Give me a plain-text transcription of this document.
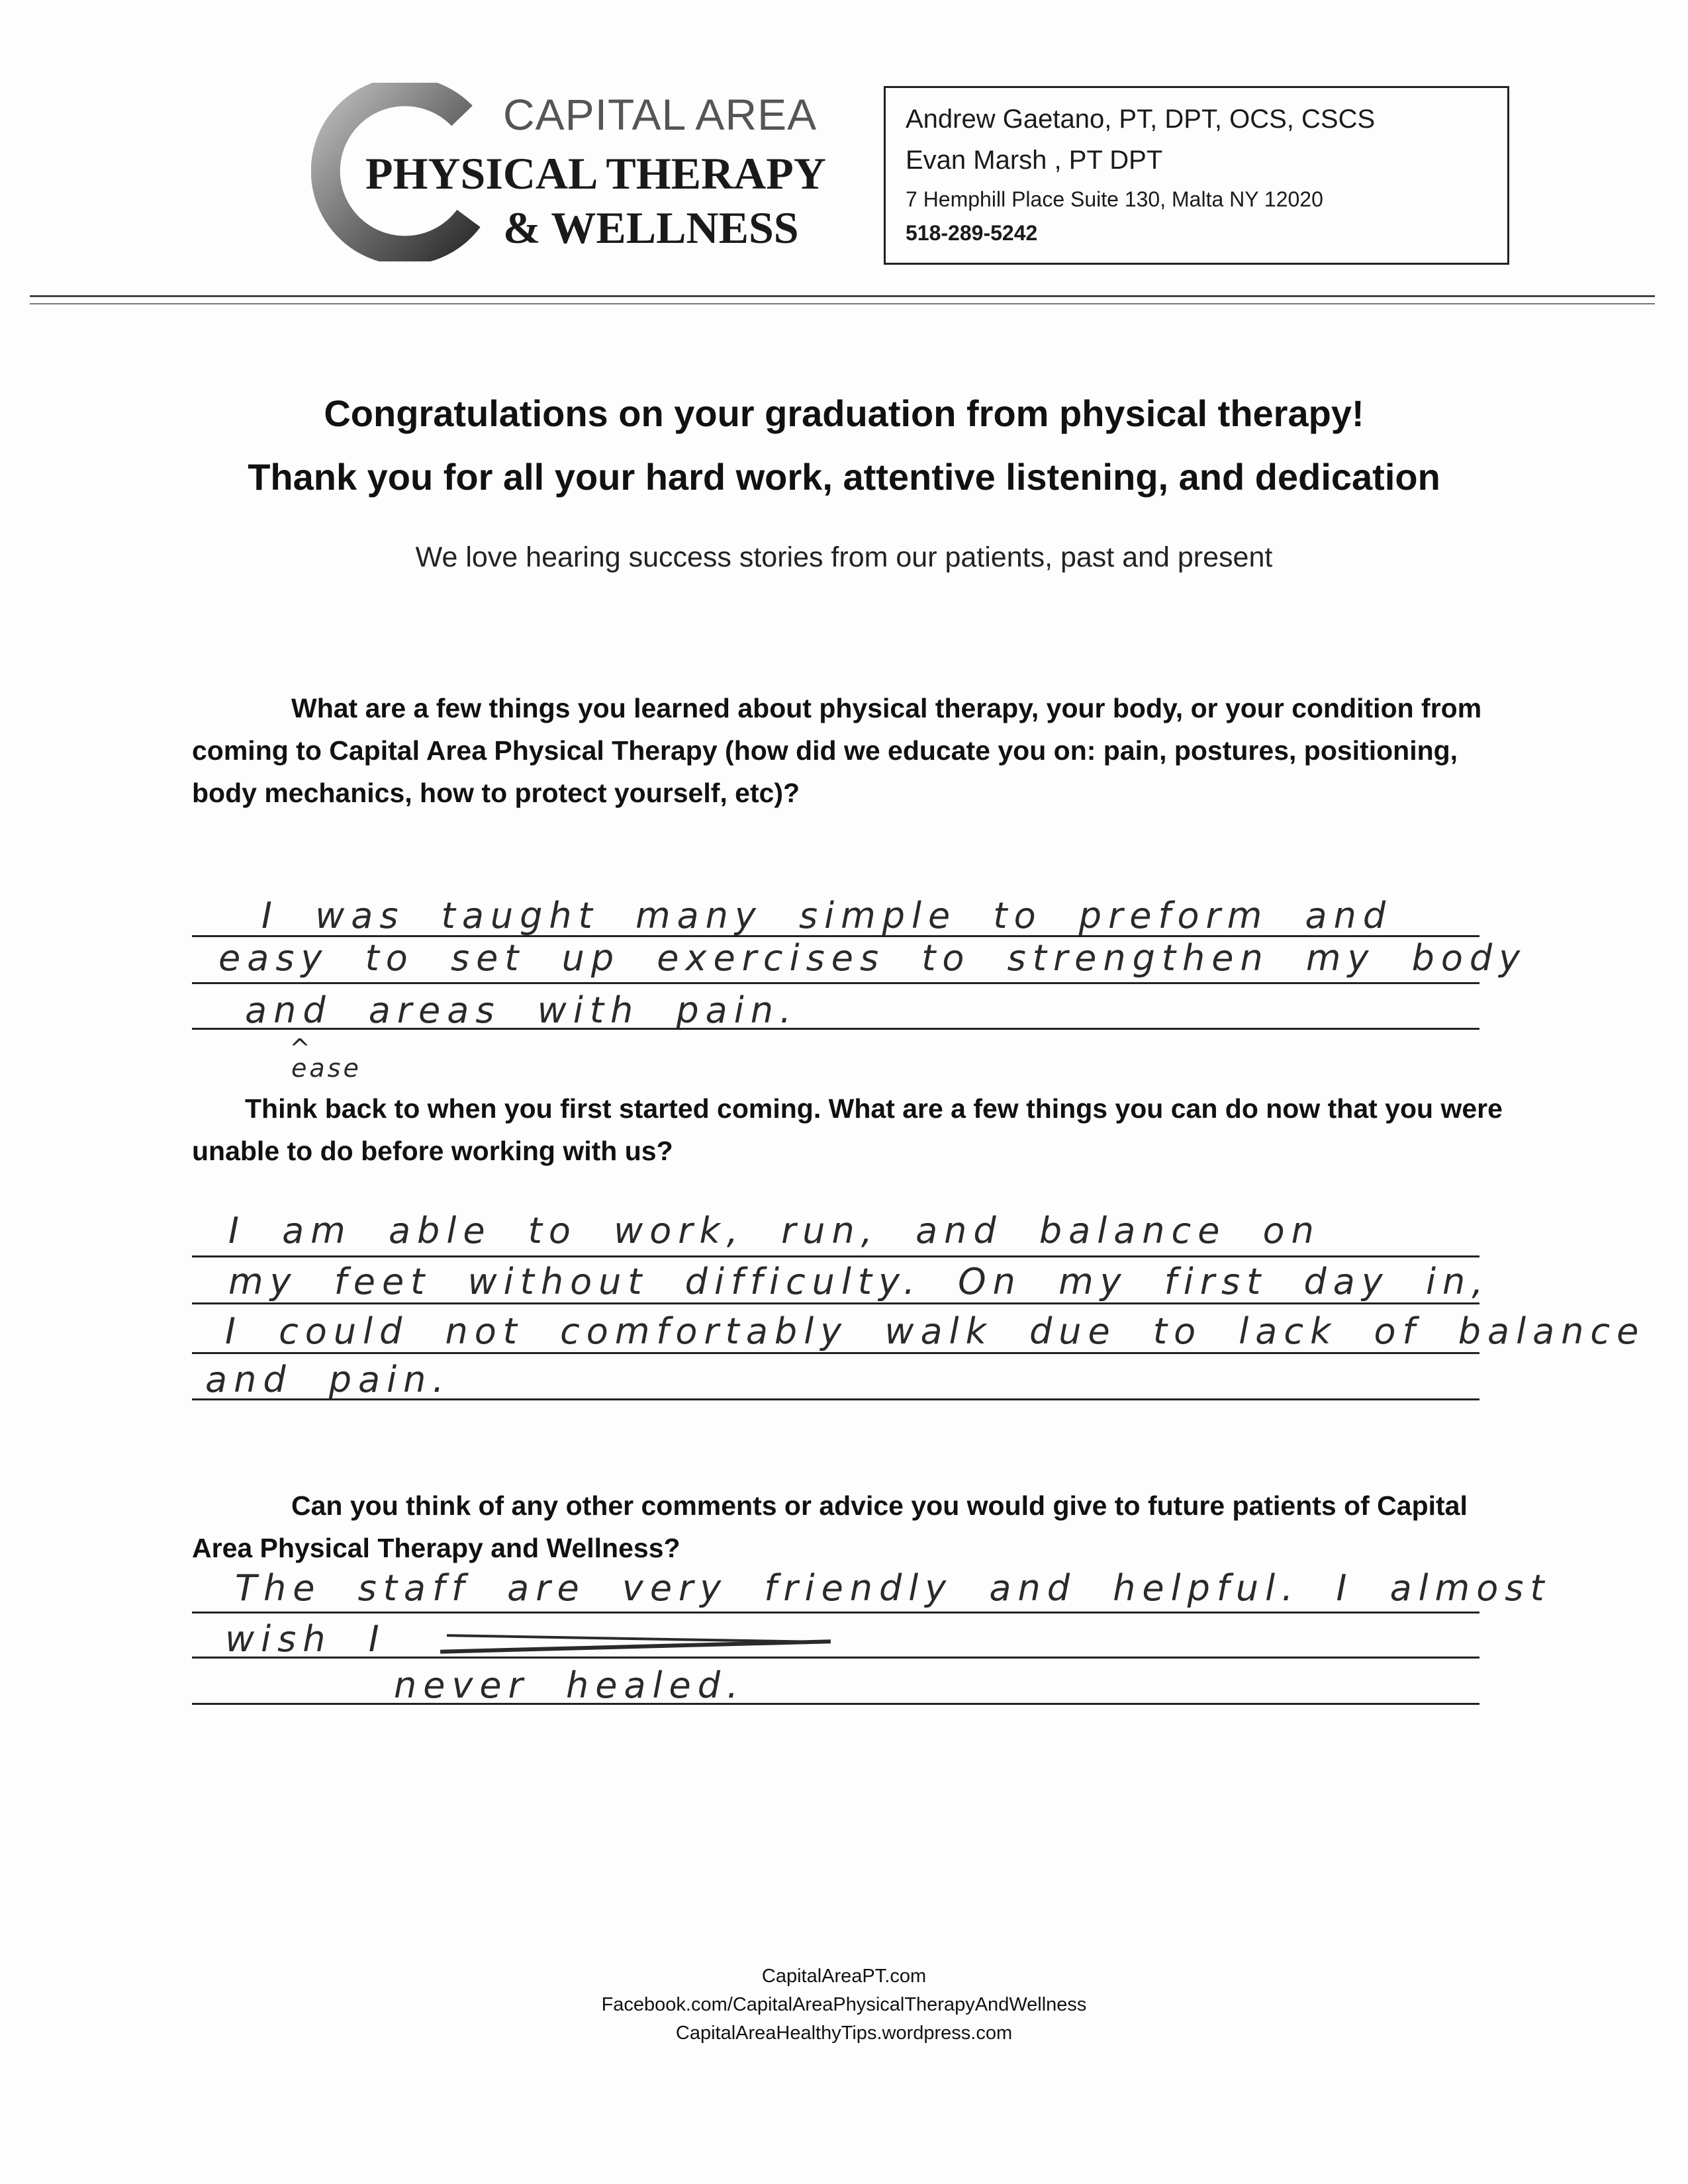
CAPITAL AREA
PHYSICAL THERAPY
& WELLNESS
Andrew Gaetano, PT, DPT, OCS, CSCS
Evan Marsh , PT DPT
7 Hemphill Place Suite 130, Malta NY 12020
518-289-5242
Congratulations on your graduation from physical therapy!
Thank you for all your hard work, attentive listening, and dedication
We love hearing success stories from our patients, past and present
What are a few things you learned about physical therapy, your body, or your condition from coming to Capital Area Physical Therapy (how did we educate you on: pain, postures, positioning, body mechanics, how to protect yourself, etc)?
I was taught many simple to preform and
easy to set up exercises to strengthen my body
and areas with pain.
^
ease
Think back to when you first started coming. What are a few things you can do now that you were unable to do before working with us?
I am able to work, run, and balance on
my feet without difficulty. On my first day in,
I could not comfortably walk due to lack of balance
and pain.
Can you think of any other comments or advice you would give to future patients of Capital Area Physical Therapy and Wellness?
The staff are very friendly and helpful. I almost
wish I
never healed.
CapitalAreaPT.com
Facebook.com/CapitalAreaPhysicalTherapyAndWellness
CapitalAreaHealthyTips.wordpress.com
